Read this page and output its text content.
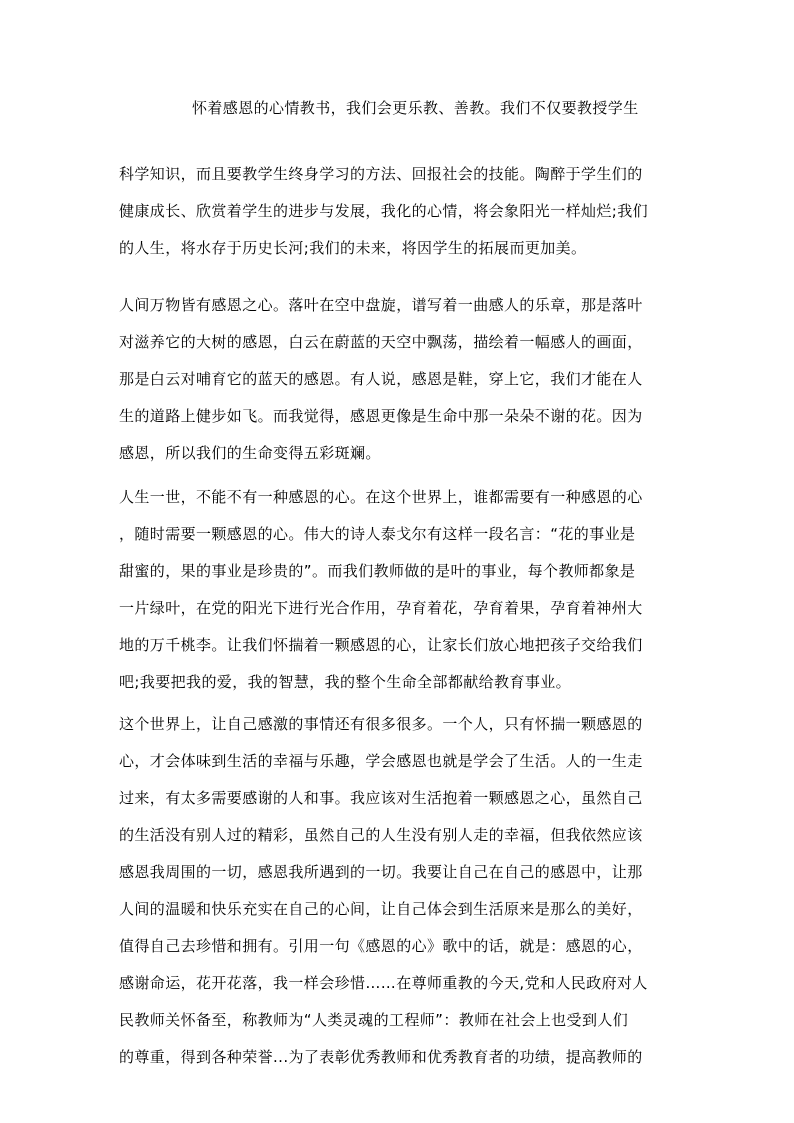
怀着感恩的心情教书，我们会更乐教、善教。我们不仅要教授学生

科学知识，而且要教学生终身学习的方法、回报社会的技能。陶醉于学生们的
健康成长、欣赏着学生的进步与发展，我化的心情，将会象阳光一样灿烂;我们
的人生，将水存于历史长河;我们的未来，将因学生的拓展而更加美。
人间万物皆有感恩之心。落叶在空中盘旋，谱写着一曲感人的乐章，那是落叶
对滋养它的大树的感恩，白云在蔚蓝的天空中飘荡，描绘着一幅感人的画面，
那是白云对哺育它的蓝天的感恩。有人说，感恩是鞋，穿上它，我们才能在人
生的道路上健步如飞。而我觉得，感恩更像是生命中那一朵朵不谢的花。因为
感恩，所以我们的生命变得五彩斑斓。
人生一世，不能不有一种感恩的心。在这个世界上，谁都需要有一种感恩的心
，随时需要一颗感恩的心。伟大的诗人泰戈尔有这样一段名言：“花的事业是
甜蜜的，果的事业是珍贵的”。而我们教师做的是叶的事业，每个教师都象是
一片绿叶，在党的阳光下进行光合作用，孕育着花，孕育着果，孕育着神州大
地的万千桃李。让我们怀揣着一颗感恩的心，让家长们放心地把孩子交给我们
吧;我要把我的爱，我的智慧，我的整个生命全部都献给教育事业。
这个世界上，让自己感激的事情还有很多很多。一个人，只有怀揣一颗感恩的
心，才会体味到生活的幸福与乐趣，学会感恩也就是学会了生活。人的一生走
过来，有太多需要感谢的人和事。我应该对生活抱着一颗感恩之心，虽然自己
的生活没有别人过的精彩，虽然自己的人生没有别人走的幸福，但我依然应该
感恩我周围的一切，感恩我所遇到的一切。我要让自己在自己的感恩中，让那
人间的温暖和快乐充实在自己的心间，让自己体会到生活原来是那么的美好，
值得自己去珍惜和拥有。引用一句《感恩的心》歌中的话，就是：感恩的心，
感谢命运，花开花落，我一样会珍惜……在尊师重教的今天,党和人民政府对人
民教师关怀备至，称教师为“人类灵魂的工程师”：教师在社会上也受到人们
的尊重，得到各种荣誉...为了表彰优秀教师和优秀教育者的功绩，提高教师的
